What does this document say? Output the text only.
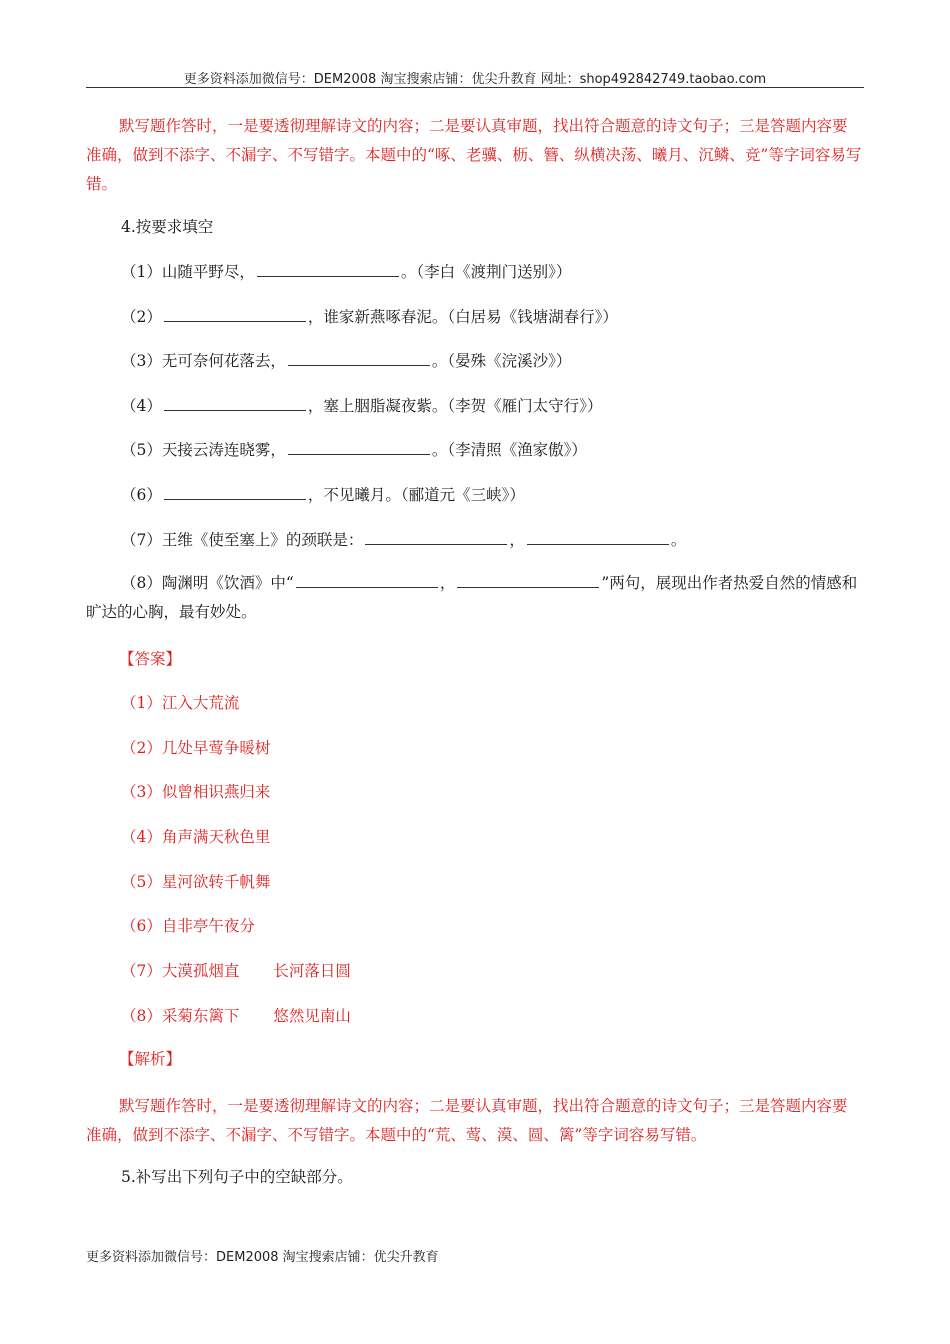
更多资料添加微信号：DEM2008 淘宝搜索店铺：优尖升教育 网址：shop492842749.taobao.com
默写题作答时，一是要透彻理解诗文的内容；二是要认真审题，找出符合题意的诗文句子；三是答题内容要准确，做到不添字、不漏字、不写错字。本题中的“啄、老骥、枥、簪、纵横决荡、曦月、沉鳞、竞”等字词容易写错。
4.按要求填空
（1）山随平野尽，	。（李白《渡荆门送别》）
（2）	，谁家新燕啄春泥。（白居易《钱塘湖春行》）
（3）无可奈何花落去，	。（晏殊《浣溪沙》）
（4）	，塞上胭脂凝夜紫。（李贺《雁门太守行》）
（5）天接云涛连晓雾，	。（李清照《渔家傲》）
（6）	，不见曦月。（郦道元《三峡》）
（7）王维《使至塞上》的颈联是：	，	。
（8）陶渊明《饮酒》中“	，	”两句，展现出作者热爱自然的情感和旷达的心胸，最有妙处。
【答案】
（1）江入大荒流
（2）几处早莺争暖树
（3）似曾相识燕归来
（4）角声满天秋色里
（5）星河欲转千帆舞
（6）自非亭午夜分
（7）大漠孤烟直 长河落日圆
（8）采菊东篱下 悠然见南山
【解析】
默写题作答时，一是要透彻理解诗文的内容；二是要认真审题，找出符合题意的诗文句子；三是答题内容要准确，做到不添字、不漏字、不写错字。本题中的“荒、莺、漠、圆、篱”等字词容易写错。
5.补写出下列句子中的空缺部分。
更多资料添加微信号：DEM2008 淘宝搜索店铺：优尖升教育
